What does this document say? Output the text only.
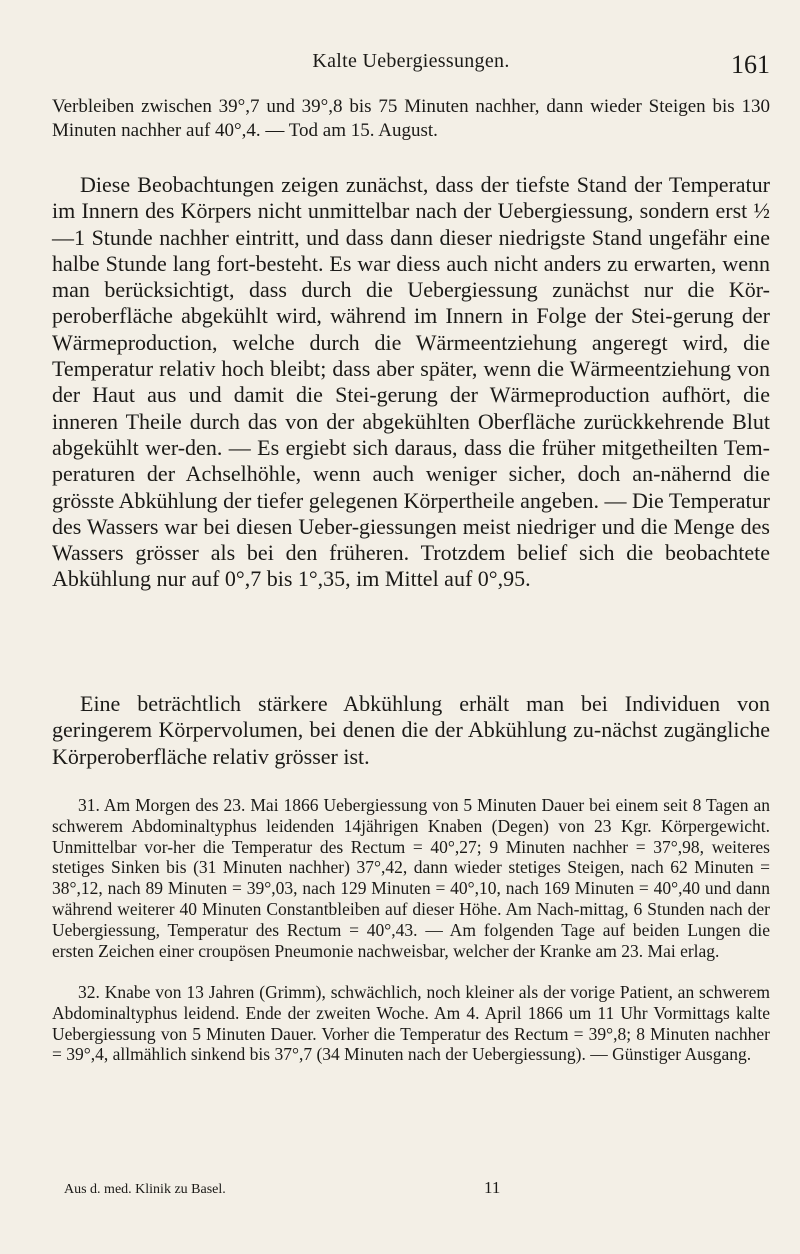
Kalte Uebergiessungen.	161

Verbleiben zwischen 39°,7 und 39°,8 bis 75 Minuten nachher, dann wieder Steigen bis 130 Minuten nachher auf 40°,4. — Tod am 15. August.

Diese Beobachtungen zeigen zunächst, dass der tiefste Stand der Temperatur im Innern des Körpers nicht unmittelbar nach der Uebergiessung, sondern erst ½—1 Stunde nachher eintritt, und dass dann dieser niedrigste Stand ungefähr eine halbe Stunde lang fort-besteht. Es war diess auch nicht anders zu erwarten, wenn man berücksichtigt, dass durch die Uebergiessung zunächst nur die Kör-peroberfläche abgekühlt wird, während im Innern in Folge der Stei-gerung der Wärmeproduction, welche durch die Wärmeentziehung angeregt wird, die Temperatur relativ hoch bleibt; dass aber später, wenn die Wärmeentziehung von der Haut aus und damit die Stei-gerung der Wärmeproduction aufhört, die inneren Theile durch das von der abgekühlten Oberfläche zurückkehrende Blut abgekühlt wer-den. — Es ergiebt sich daraus, dass die früher mitgetheilten Tem-peraturen der Achselhöhle, wenn auch weniger sicher, doch an-nähernd die grösste Abkühlung der tiefer gelegenen Körpertheile angeben. — Die Temperatur des Wassers war bei diesen Ueber-giessungen meist niedriger und die Menge des Wassers grösser als bei den früheren. Trotzdem belief sich die beobachtete Abkühlung nur auf 0°,7 bis 1°,35, im Mittel auf 0°,95.

Eine beträchtlich stärkere Abkühlung erhält man bei Individuen von geringerem Körpervolumen, bei denen die der Abkühlung zu-nächst zugängliche Körperoberfläche relativ grösser ist.

31. Am Morgen des 23. Mai 1866 Uebergiessung von 5 Minuten Dauer bei einem seit 8 Tagen an schwerem Abdominaltyphus leidenden 14jährigen Knaben (Degen) von 23 Kgr. Körpergewicht. Unmittelbar vor-her die Temperatur des Rectum = 40°,27; 9 Minuten nachher = 37°,98, weiteres stetiges Sinken bis (31 Minuten nachher) 37°,42, dann wieder stetiges Steigen, nach 62 Minuten = 38°,12, nach 89 Minuten = 39°,03, nach 129 Minuten = 40°,10, nach 169 Minuten = 40°,40 und dann während weiterer 40 Minuten Constantbleiben auf dieser Höhe. Am Nach-mittag, 6 Stunden nach der Uebergiessung, Temperatur des Rectum = 40°,43. — Am folgenden Tage auf beiden Lungen die ersten Zeichen einer croupösen Pneumonie nachweisbar, welcher der Kranke am 23. Mai erlag.

32. Knabe von 13 Jahren (Grimm), schwächlich, noch kleiner als der vorige Patient, an schwerem Abdominaltyphus leidend. Ende der zweiten Woche. Am 4. April 1866 um 11 Uhr Vormittags kalte Uebergiessung von 5 Minuten Dauer. Vorher die Temperatur des Rectum = 39°,8; 8 Minuten nachher = 39°,4, allmählich sinkend bis 37°,7 (34 Minuten nach der Uebergiessung). — Günstiger Ausgang.

Aus d. med. Klinik zu Basel.	11
